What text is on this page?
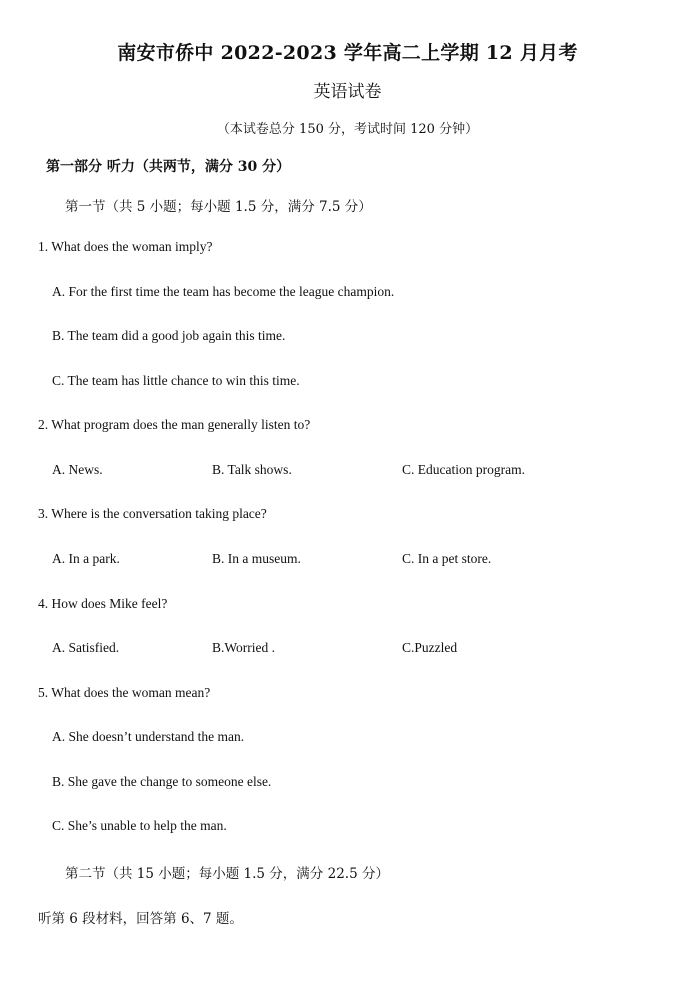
南安市侨中 2022-2023 学年高二上学期 12 月月考
英语试卷
（本试卷总分 150 分，考试时间 120 分钟）
第一部分 听力（共两节，满分 30 分）
第一节（共 5 小题；每小题 1.5 分，满分 7.5 分）
1. What does the woman imply?
A. For the first time the team has become the league champion.
B. The team did a good job again this time.
C. The team has little chance to win this time.
2. What program does the man generally listen to?
A. News.	B. Talk shows.	C. Education program.
3. Where is the conversation taking place?
A. In a park.	B. In a museum.	C. In a pet store.
4. How does Mike feel?
A. Satisfied.	B.Worried .	C.Puzzled
5. What does the woman mean?
A. She doesn’t understand the man.
B. She gave the change to someone else.
C. She’s unable to help the man.
第二节（共 15 小题；每小题 1.5 分，满分 22.5 分）
听第 6 段材料，回答第 6、7 题。
